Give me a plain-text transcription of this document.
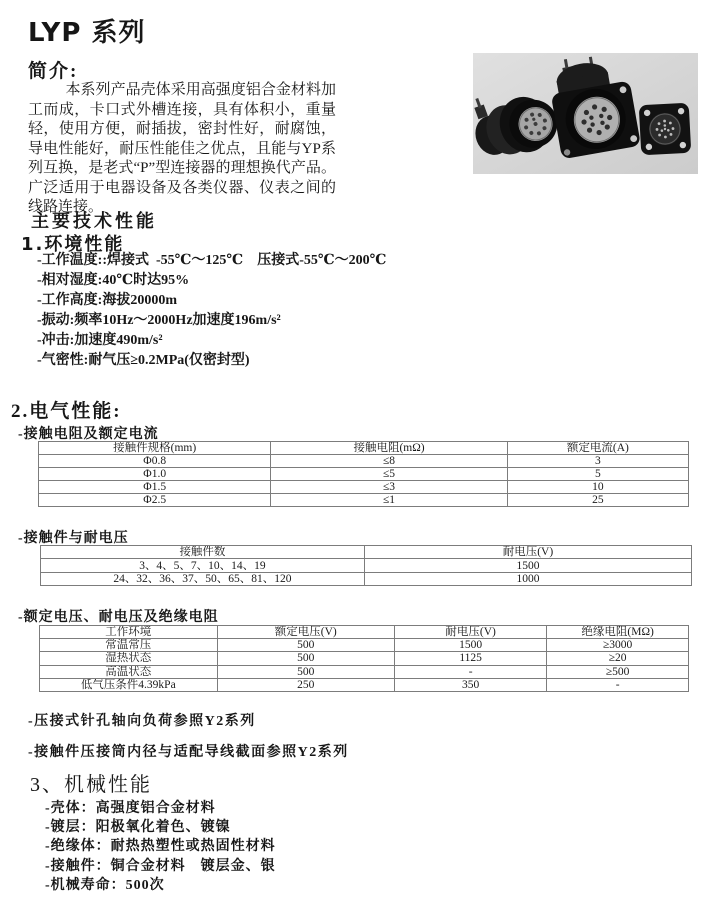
LYP 系列
简介:
本系列产品壳体采用高强度铝合金材料加工而成，卡口式外槽连接，具有体积小，重量轻，使用方便，耐插拔，密封性好，耐腐蚀，导电性能好，耐压性能佳之优点，且能与YP系列互换，是老式“P”型连接器的理想换代产品。广泛适用于电器设备及各类仪器、仪表之间的线路连接。
主要技术性能
1.环境性能
-工作温度::焊接式  -55℃～125℃    压接式-55℃～200℃
-相对湿度:40℃时达95%
-工作高度:海拔20000m
-振动:频率10Hz～2000Hz加速度196m/s²
-冲击:加速度490m/s²
-气密性:耐气压≥0.2MPa(仅密封型)
2.电气性能:
-接触电阻及额定电流
接触件规格(mm)	接触电阻(mΩ)	额定电流(A)
Φ0.8	≤8	3
Φ1.0	≤5	5
Φ1.5	≤3	10
Φ2.5	≤1	25
-接触件与耐电压
接触件数	耐电压(V)
3、4、5、7、10、14、19	1500
24、32、36、37、50、65、81、120	1000
-额定电压、耐电压及绝缘电阻
工作环境	额定电压(V)	耐电压(V)	绝缘电阻(MΩ)
常温常压	500	1500	≥3000
湿热状态	500	1125	≥20
高温状态	500	-	≥500
低气压条件4.39kPa	250	350	-
-压接式针孔轴向负荷参照Y2系列
-接触件压接筒内径与适配导线截面参照Y2系列
3、机械性能
-壳体：高强度铝合金材料
-镀层：阳极氧化着色、镀镍
-绝缘体：耐热热塑性或热固性材料
-接触件：铜合金材料　镀层金、银
-机械寿命：500次
